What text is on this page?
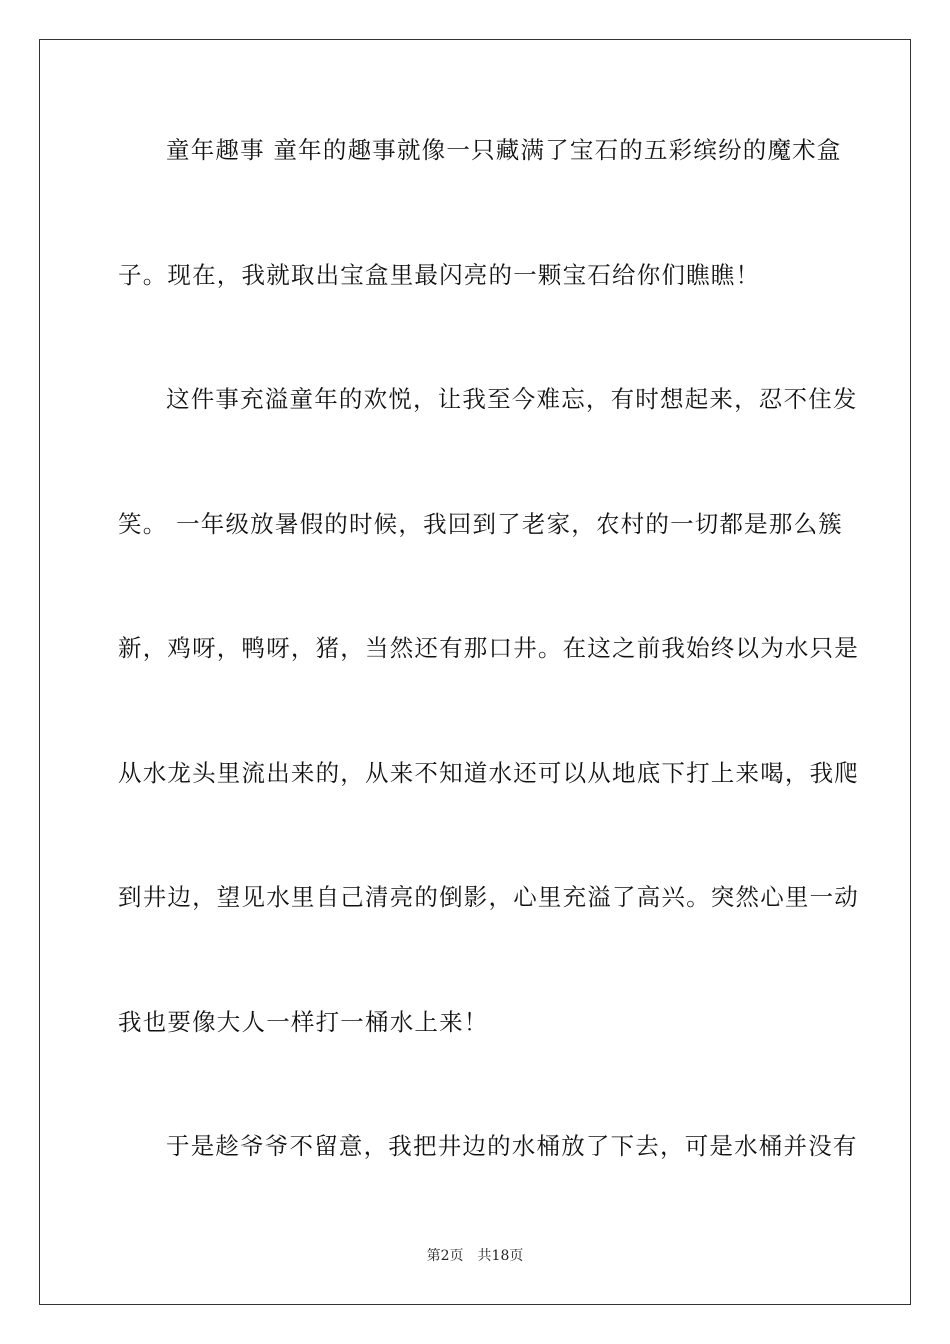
童年趣事 童年的趣事就像一只藏满了宝石的五彩缤纷的魔术盒
子。现在，我就取出宝盒里最闪亮的一颗宝石给你们瞧瞧！
这件事充溢童年的欢悦，让我至今难忘，有时想起来，忍不住发
笑。 一年级放暑假的时候，我回到了老家，农村的一切都是那么簇
新，鸡呀，鸭呀，猪，当然还有那口井。在这之前我始终以为水只是
从水龙头里流出来的，从来不知道水还可以从地底下打上来喝，我爬
到井边，望见水里自己清亮的倒影，心里充溢了高兴。突然心里一动
我也要像大人一样打一桶水上来！
于是趁爷爷不留意，我把井边的水桶放了下去，可是水桶并没有
第2页 共18页
